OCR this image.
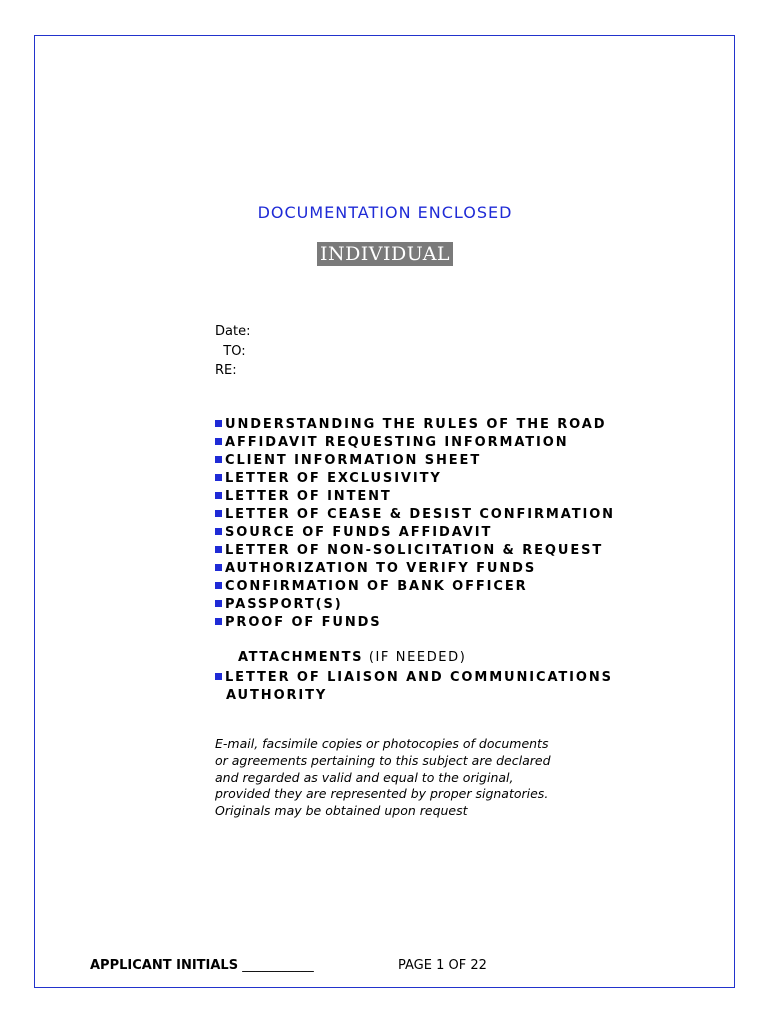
DOCUMENTATION ENCLOSED
INDIVIDUAL
Date:
TO:
RE:
UNDERSTANDING THE RULES OF THE ROAD
AFFIDAVIT REQUESTING INFORMATION
CLIENT INFORMATION SHEET
LETTER OF EXCLUSIVITY
LETTER OF INTENT
LETTER OF CEASE & DESIST CONFIRMATION
SOURCE OF FUNDS AFFIDAVIT
LETTER OF NON-SOLICITATION & REQUEST
AUTHORIZATION TO VERIFY FUNDS
CONFIRMATION OF BANK OFFICER
PASSPORT(S)
PROOF OF FUNDS
ATTACHMENTS (IF NEEDED)
LETTER OF LIAISON AND COMMUNICATIONS
AUTHORITY
E-mail, facsimile copies or photocopies of documents
or agreements pertaining to this subject are declared
and regarded as valid and equal to the original,
provided they are represented by proper signatories.
Originals may be obtained upon request
APPLICANT INITIALS ___________	PAGE 1 OF 22
